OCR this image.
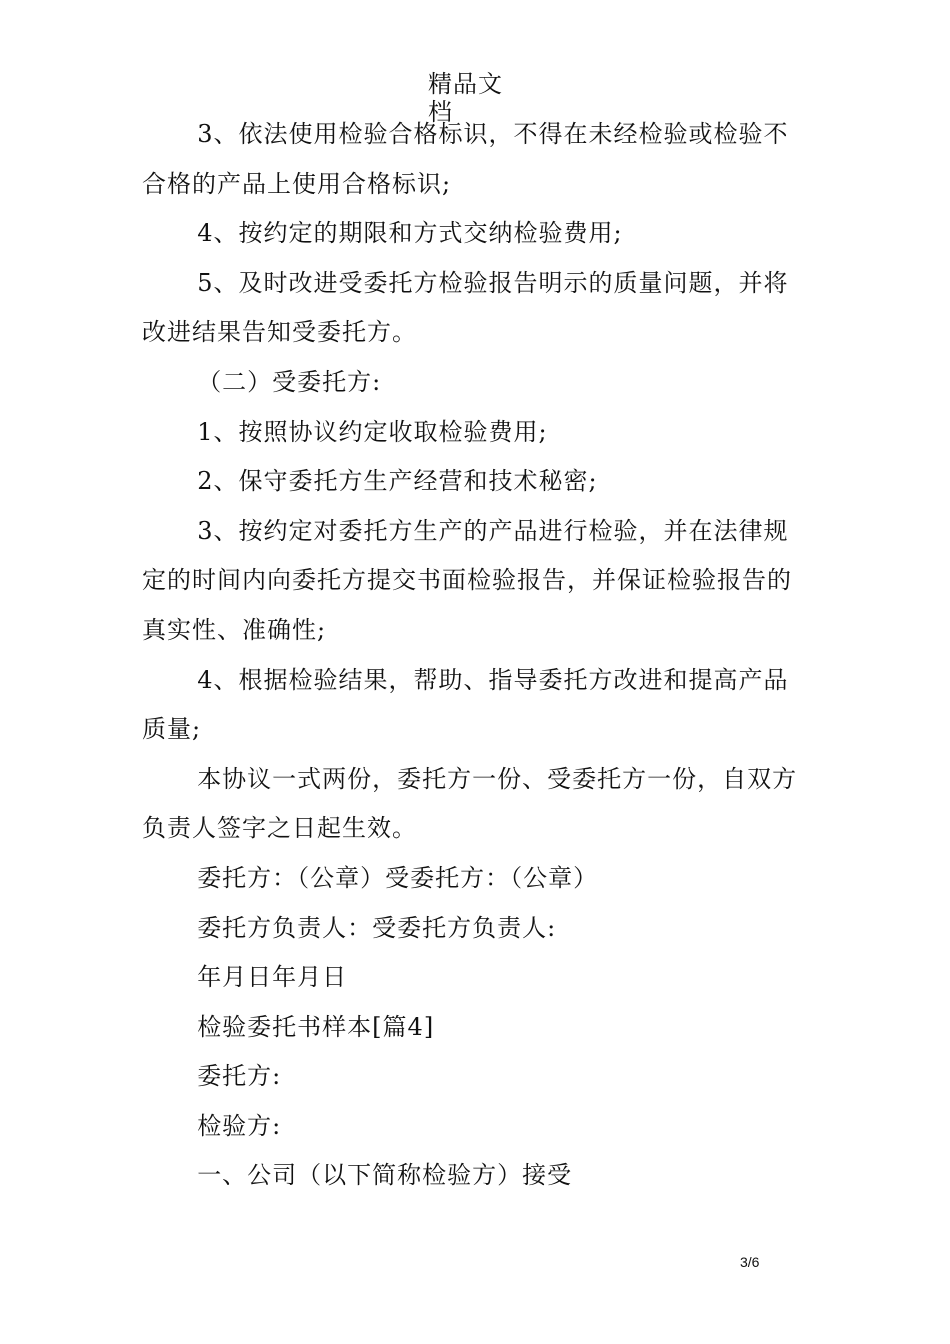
精品文档

3、依法使用检验合格标识，不得在未经检验或检验不合格的产品上使用合格标识;

4、按约定的期限和方式交纳检验费用;

5、及时改进受委托方检验报告明示的质量问题，并将改进结果告知受委托方。

（二）受委托方:

1、按照协议约定收取检验费用;

2、保守委托方生产经营和技术秘密;

3、按约定对委托方生产的产品进行检验，并在法律规定的时间内向委托方提交书面检验报告，并保证检验报告的真实性、准确性;

4、根据检验结果，帮助、指导委托方改进和提高产品质量;

本协议一式两份，委托方一份、受委托方一份，自双方负责人签字之日起生效。

委托方：（公章）受委托方：（公章）

委托方负责人：受委托方负责人:

年月日年月日

检验委托书样本[篇4]

委托方:

检验方:

一、公司（以下简称检验方）接受

3/6
